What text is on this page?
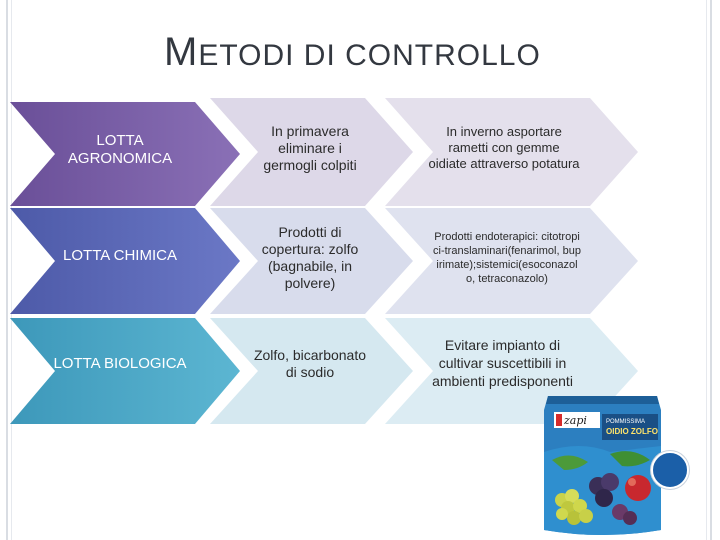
METODI DI CONTROLLO
LOTTA AGRONOMICA
In primavera eliminare i germogli colpiti
In inverno asportare rametti con gemme oidiate attraverso potatura
LOTTA CHIMICA
Prodotti di copertura: zolfo (bagnabile, in polvere)
Prodotti endoterapici: citotropici-translaminari(fenarimol, bupirimate);sistemici(esoconazolo, tetraconazolo)
LOTTA BIOLOGICA	Zolfo, bicarbonato di sodio
Evitare impianto di cultivar suscettibili in ambienti predisponenti
zapi	POMMISSIMA
OIDIO ZOLFO
